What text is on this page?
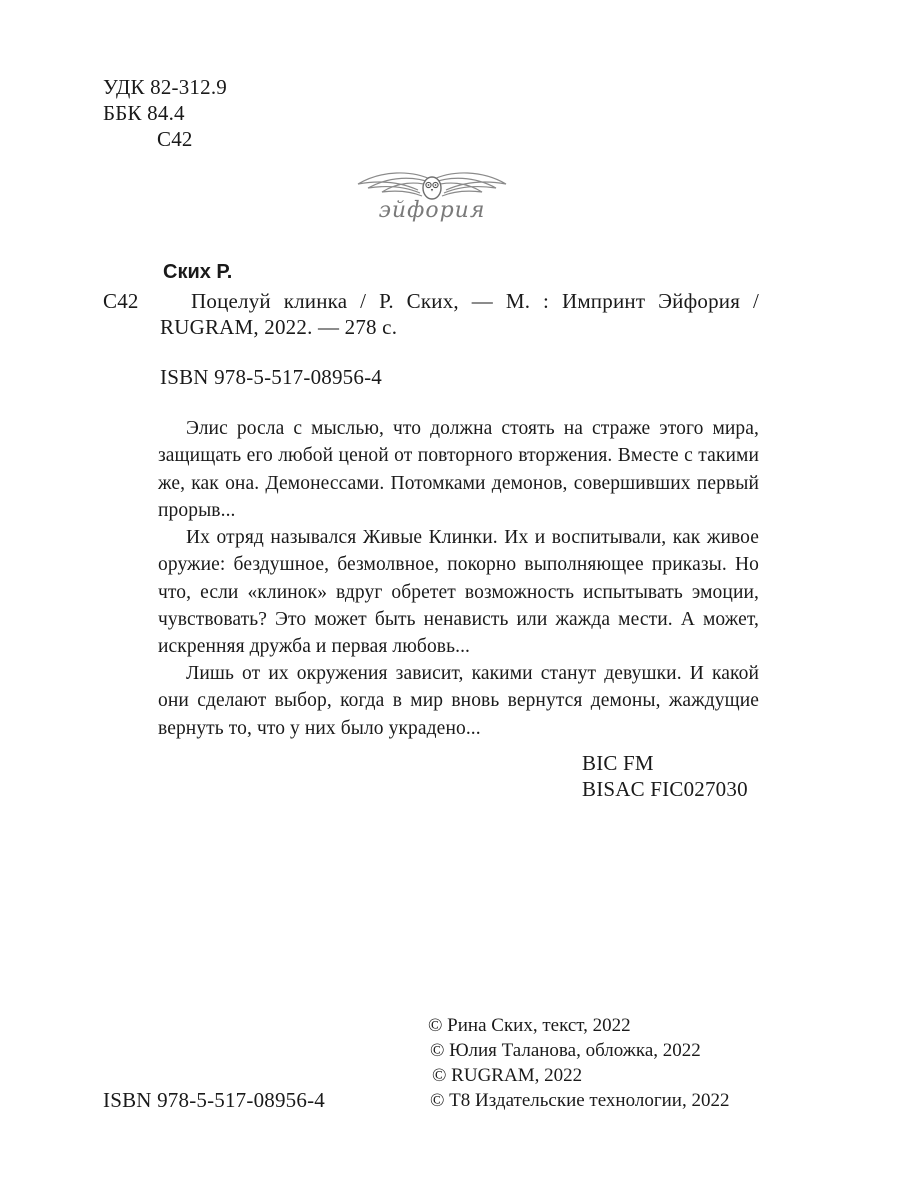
УДК 82-312.9

ББК 84.4

С42

эйфория

Ских Р.

С42 Поцелуй клинка / Р. Ских, — М. : Импринт Эйфория /

RUGRAM, 2022. — 278 с.

ISBN 978-5-517-08956-4

Элис росла с мыслью, что должна стоять на страже этого мира, защищать его любой ценой от повторного вторжения. Вместе с такими же, как она. Демонессами. Потомками демонов, совершивших первый прорыв...

Их отряд назывался Живые Клинки. Их и воспитывали, как живое оружие: бездушное, безмолвное, покорно выполняющее приказы. Но что, если «клинок» вдруг обретет возможность испытывать эмоции, чувствовать? Это может быть ненависть или жажда мести. А может, искренняя дружба и первая любовь...

Лишь от их окружения зависит, какими станут девушки. И какой они сделают выбор, когда в мир вновь вернутся демоны, жаждущие вернуть то, что у них было украдено...

BIC FM

BISAC FIC027030

ISBN 978-5-517-08956-4

© Рина Ских, текст, 2022

© Юлия Таланова, обложка, 2022

© RUGRAM, 2022

© Т8 Издательские технологии, 2022
